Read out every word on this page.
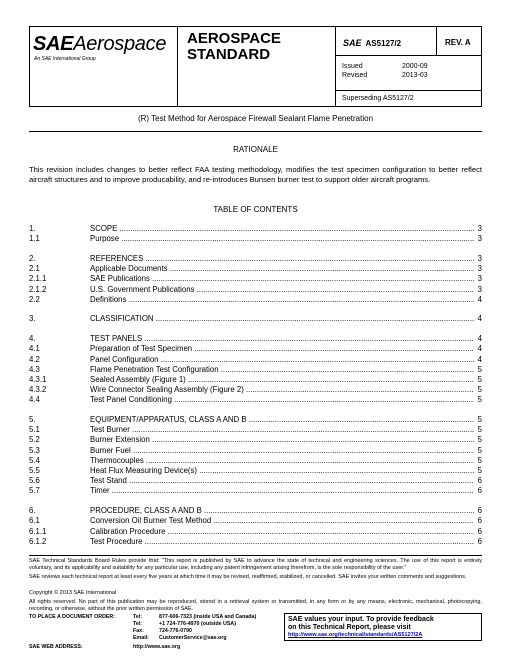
SAEAerospace
An SAE International Group
AEROSPACE
STANDARD
SAE AS5127/2	REV. A
Issued	2000-09
Revised	2013-03
Superseding AS5127/2
(R) Test Method for Aerospace Firewall Sealant Flame Penetration
RATIONALE
This revision includes changes to better reflect FAA testing methodology, modifies the test specimen configuration to better reflect aircraft structures and to improve producability, and re-introduces Bunsen burner test to support older aircraft programs.
TABLE OF CONTENTS
1.	SCOPE .....	3
1.1	Purpose .....	3
2.	REFERENCES .....	3
2.1	Applicable Documents .....	3
2.1.1	SAE Publications .....	3
2.1.2	U.S. Government Publications .....	3
2.2	Definitions .....	4
3.	CLASSIFICATION .....	4
4.	TEST PANELS .....	4
4.1	Preparation of Test Specimen .....	4
4.2	Panel Configuration .....	4
4.3	Flame Penetration Test Configuration .....	5
4.3.1	Sealed Assembly (Figure 1) .....	5
4.3.2	Wire Connector Sealing Assembly (Figure 2) .....	5
4.4	Test Panel Conditioning .....	5
5.	EQUIPMENT/APPARATUS, CLASS A AND B .....	5
5.1	Test Burner .....	5
5.2	Burner Extension .....	5
5.3	Burner Fuel .....	5
5.4	Thermocouples .....	5
5.5	Heat Flux Measuring Device(s) .....	5
5.6	Test Stand .....	6
5.7	Timer .....	6
6.	PROCEDURE, CLASS A AND B .....	6
6.1	Conversion Oil Burner Test Method .....	6
6.1.1	Calibration Procedure .....	6
6.1.2	Test Procedure .....	6
SAE Technical Standards Board Rules provide that: “This report is published by SAE to advance the state of technical and engineering sciences. The use of this report is entirely voluntary, and its applicability and suitability for any particular use, including any patent infringement arising therefrom, is the sole responsibility of the user.”
SAE reviews each technical report at least every five years at which time it may be revised, reaffirmed, stabilized, or cancelled. SAE invites your written comments and suggestions.
Copyright © 2013 SAE International
All rights reserved. No part of this publication may be reproduced, stored in a retrieval system or transmitted, in any form or by any means, electronic, mechanical, photocopying, recording, or otherwise, without the prior written permission of SAE.
TO PLACE A DOCUMENT ORDER:	Tel:	877-606-7323 (inside USA and Canada)
Tel:	+1 724-776-4970 (outside USA)
Fax:	724-776-0790
Email: CustomerService@sae.org
SAE WEB ADDRESS:	http://www.sae.org
SAE values your input. To provide feedback
on this Technical Report, please visit
http://www.sae.org/technical/standards/AS5127/2A
